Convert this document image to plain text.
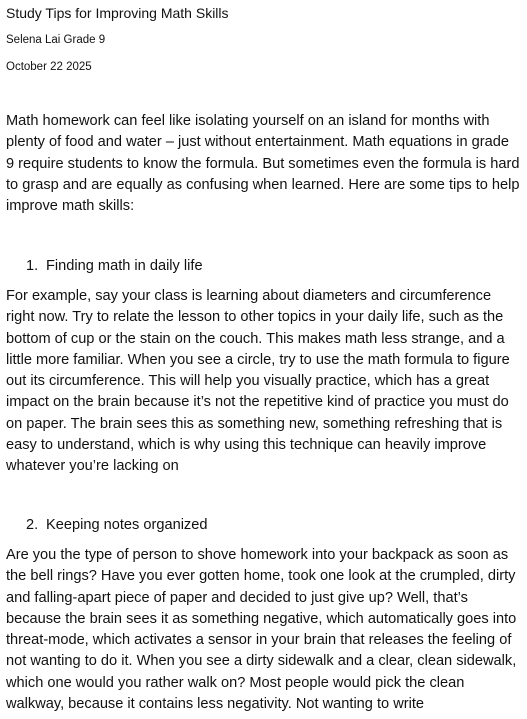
Study Tips for Improving Math Skills
Selena Lai Grade 9
October 22 2025

Math homework can feel like isolating yourself on an island for months with plenty of food and water – just without entertainment. Math equations in grade 9 require students to know the formula. But sometimes even the formula is hard to grasp and are equally as confusing when learned. Here are some tips to help improve math skills:

1. Finding math in daily life

For example, say your class is learning about diameters and circumference right now. Try to relate the lesson to other topics in your daily life, such as the bottom of cup or the stain on the couch. This makes math less strange, and a little more familiar. When you see a circle, try to use the math formula to figure out its circumference. This will help you visually practice, which has a great impact on the brain because it’s not the repetitive kind of practice you must do on paper. The brain sees this as something new, something refreshing that is easy to understand, which is why using this technique can heavily improve whatever you’re lacking on

2. Keeping notes organized

Are you the type of person to shove homework into your backpack as soon as the bell rings? Have you ever gotten home, took one look at the crumpled, dirty and falling-apart piece of paper and decided to just give up? Well, that’s because the brain sees it as something negative, which automatically goes into threat-mode, which activates a sensor in your brain that releases the feeling of not wanting to do it. When you see a dirty sidewalk and a clear, clean sidewalk, which one would you rather walk on? Most people would pick the clean walkway, because it contains less negativity. Not wanting to write
